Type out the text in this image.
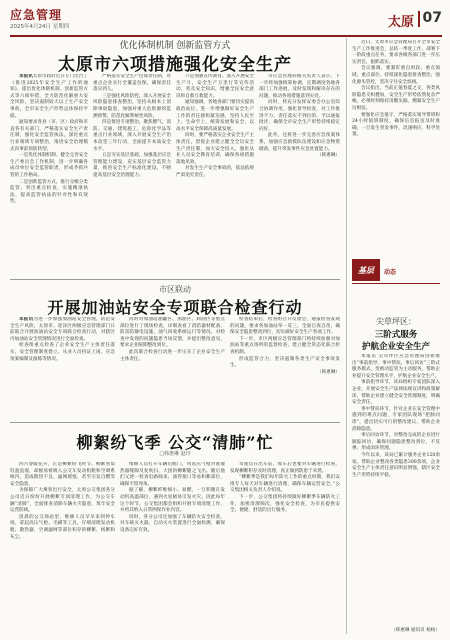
应急管理
2025年4月24日 星期四	太原 07
优化体制机制 创新监管方式
太原市六项措施强化安全生产

本报讯太原市政府近日专门出台了《推进2025年安全生产工作的通知》，提出优化体制机制、创新监管方式等六项举措，全力防范化解重大安全风险，坚决遏制较大以上生产安全事故，全市安全生产形势总体保持平稳。

通知要求各县（市、区）政府和市直各有关部门，严格落实安全生产责任制，强化安全监管执法，深化重点行业领域专项整治，推进安全治理模式向事前预防转型。

一是优化体制机制。健全完善安全生产委员会工作机制，进一步明确各成员单位安全监管职责，形成齐抓共管的工作格局。

二是创新监管方式。推行分级分类监管，突出重点检查，实施精准执法，提高监管执法的针对性和有效性。

严格落实安全生产包保责任制，对重点企业实行全覆盖包保，确保责任落实到人。

三是强化风险防控。深入开展安全风险隐患排查整治，坚持从根本上消除事故隐患，加强对重大危险源的监测预警，防范化解系统性风险。

四是推进专项整治。聚焦燃气、消防、交通、建筑施工、危险化学品等重点行业领域，深入开展安全生产治本攻坚三年行动，全面提升本质安全水平。

五是夯实基层基础。加强基层应急管理能力建设，充实基层安全监管力量，推进安全生产标准化建设，不断提高基层安全治理能力。

六是加强宣传教育。深入开展安全生产月、安全生产万里行等宣传活动，普及安全知识，增强全民安全意识和自救互救能力。

通知强调，各地各部门要切实提高政治站位，进一步增强做好安全生产工作的责任感和紧迫感，坚持人民至上、生命至上，统筹发展和安全，以高水平安全保障高质量发展。

同时，要严格落实企业安全生产主体责任，督促企业建立健全全员安全生产责任制，加大安全投入，强化从业人员安全教育培训，确保各项措施落地见效。

对发生生产安全事故的，依法依规严肃追究责任。

市应急管理局相关负责人表示，下一步将加强统筹协调，定期调度各地各部门工作进展，及时发现和解决存在的问题，推动各项措施落到实处。

同时，将充分发挥安委会办公室综合协调作用，强化督导检查，对工作推进不力、责任落实不到位的，予以通报批评，确保全市安全生产形势持续稳定向好。

此外，还将进一步完善应急预案体系，加强应急救援队伍建设和应急物资储备，提升突发事件应急处置能力。

（韩惠琳）

市区联动
开展加油站安全专项联合检查行动

本报讯为进一步加强加油站安全管理，防范安全生产风险，太原市、迎泽区两级应急管理部门日前联合开展加油站安全专项联合检查行动，对辖区内加油站安全管理情况进行全面检查。

检查组重点检查了企业安全生产主体责任落实、安全管理制度建立、从业人员持证上岗、应急预案编制及演练等情况。

同时对加油站油罐区、加油区、卸油区等重点部位进行了现场检查，详细查看了消防器材配备、防雷防静电设施、油气回收系统运行等情况，对检查中发现的问题隐患当场反馈，并提出整改意见，要求企业限期整改到位。

此次联合检查行动进一步压实了企业安全生产主体责任。

检查结束后，检查组召开反馈会，通报检查发现的问题，要求各加油站举一反三，全面自查自改，确保安全隐患整改到位，切实做好安全生产各项工作。

下一步，市区两级应急管理部门将持续加强对加油站等重点场所的监督检查，建立健全常态化联合检查机制。

形成监管合力，坚决遏制各类生产安全事故发生。

（韩惠琳）

柳絮纷飞季 公交“清肺”忙
□韩惠琳 赵玲

四月春暖花开，正是柳絮纷飞时节。柳絮看似轻盈浪漫，却极易被吸入公交车发动机舱和空调系统内，造成散热不良、滤网堵塞，甚至引发自燃等安全隐患。

为保障广大乘客出行安全，太原公交集团各分公司近日纷纷开展柳絮专项清理工作，为公交车辆“清肺”，全面排查消除车辆火灾隐患，筑牢安全运营防线。

清晨的公交场站里，维修人员早早来到停车场，拿起高压气枪、毛刷等工具，仔细清理发动机舱、散热器、空调滤网等部位积存的柳絮、杨絮和灰尘。

维修人员打开车辆后舱门，用高压气枪对准散热器缝隙反复吹扫，大团的柳絮随之飞出。随后他们又逐一检查电路线束、油管接口等易积絮部位，确保不留死角。

据了解，柳絮纤维细小、易燃，一旦积聚在发动机高温部位，遇到火星极易引发火灾。因此每年这个时节，公交集团都会组织开展专项清理工作，并将其纳入日常例保作业内容。

同时，各分公司还加强了车辆防火安全检查，对车载灭火器、自动灭火装置进行全面检测，确保设备完好有效。

驾驶员在出车前、收车后也要对车辆进行检查，发现柳絮积存及时清理，真正做到防患于未然。

“柳絮季是我们每年防火工作的重点时期，我们安排专人每天对车辆进行清理，确保车辆运营安全。”公交集团相关负责人介绍说。

下一步，公交集团将持续做好柳絮季车辆防火工作，加密清理频次，强化安全检查，为市民提供安全、便捷、舒适的出行服务。

近日，太原市应急管理局召开全市安全生产工作推进会，总结一季度工作，部署下一阶段重点任务，要求各级各部门进一步压实责任，狠抓落实。

会议强调，要紧盯重点时段、重点领域、重点部位，持续深化隐患排查整治，强化源头管控，坚决守住安全底线。

会议指出，当前正值春夏之交，各类风险隐患交织叠加，安全生产形势依然复杂严峻，必须时刻保持清醒头脑，绷紧安全生产这根弦。

要强化应急值守，严格落实领导带班和24小时值班制度，确保信息报送及时准确，一旦发生突发事件，迅速响应、科学处置。

基层	动态
尖草坪区：
三阶式服务
护航企业安全生产

本报讯 尖草坪区应急管理局创新推出“事前指导、事中帮扶、事后回访”三阶式服务模式，变被动监管为主动服务，帮助企业提升安全管理水平，护航企业安全生产。

事前指导环节，该局组织专家团队深入企业，开展安全生产法律法规宣讲和政策解读，帮助企业建立健全安全管理制度，明确安全责任。

事中帮扶环节，针对企业在安全管理中遇到的难点问题，专家团队现场“把脉问诊”，提出切实可行的整改建议，帮助企业消除隐患。

事后回访环节，对整改完成的企业进行跟踪回访，确保问题隐患整改到位、不反弹，形成闭环管理。

今年以来，该局已累计服务企业120余家，帮助企业整改各类隐患300余项，企业安全生产主体责任意识明显增强，辖区安全生产形势持续平稳。

（韩惠琳 通讯员 杨杨）
